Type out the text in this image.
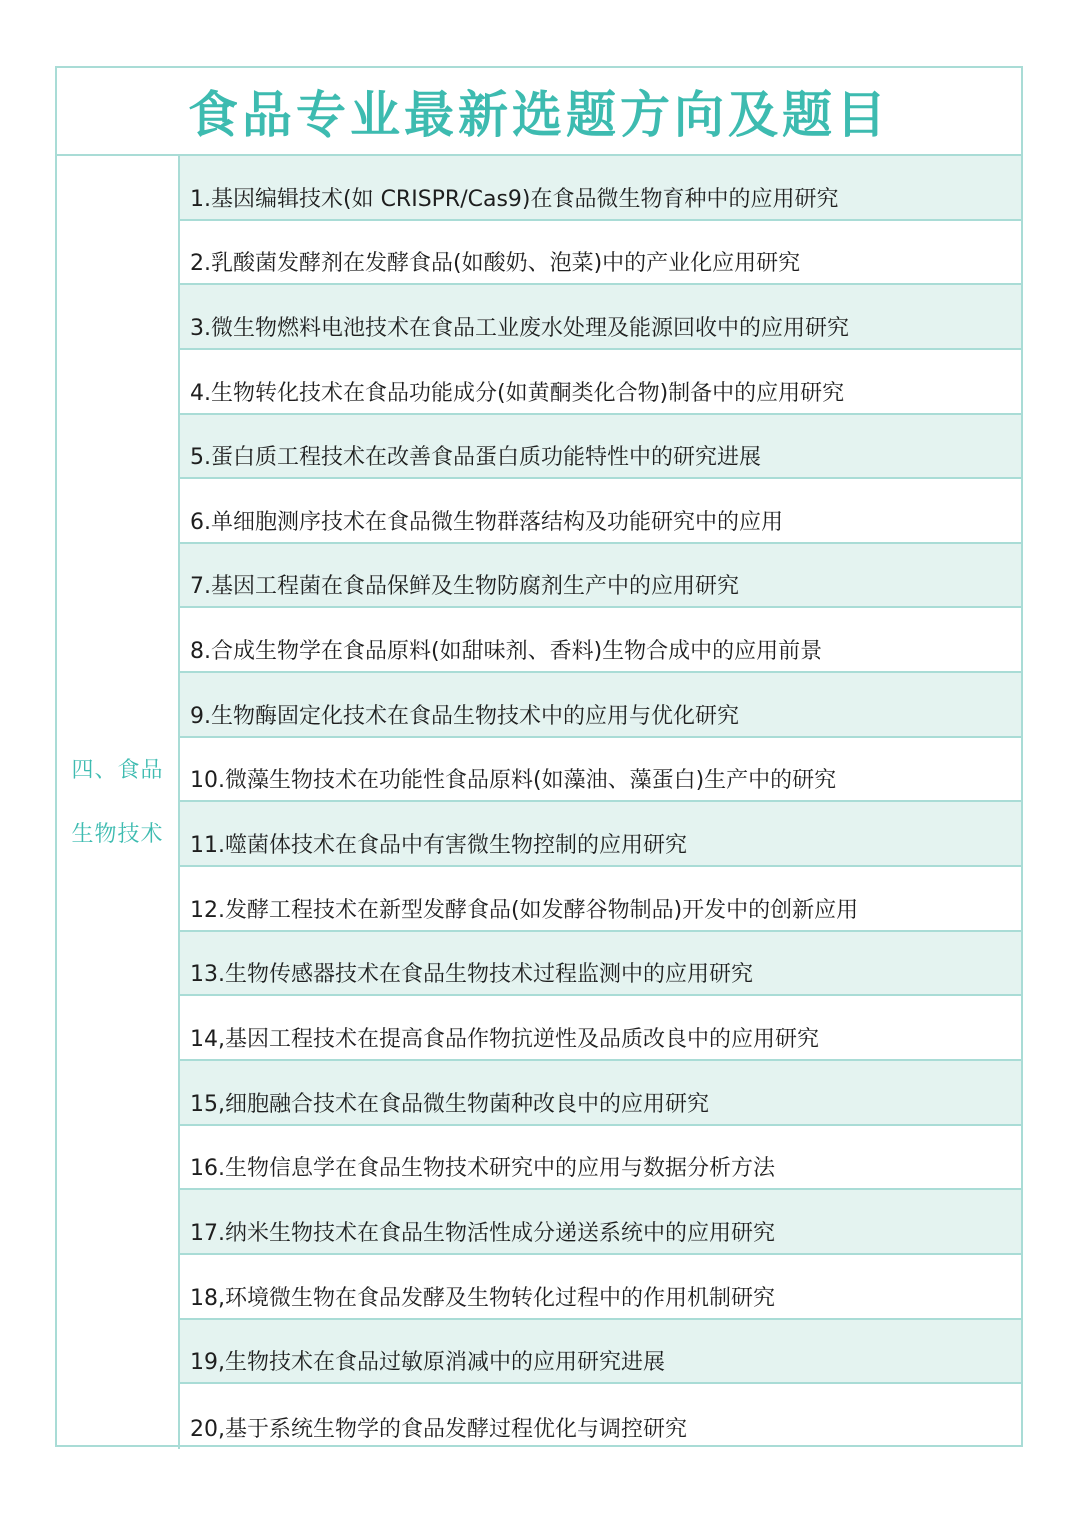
食品专业最新选题方向及题目
四、食品
生物技术
1.基因编辑技术(如 CRISPR/Cas9)在食品微生物育种中的应用研究
2.乳酸菌发酵剂在发酵食品(如酸奶、泡菜)中的产业化应用研究
3.微生物燃料电池技术在食品工业废水处理及能源回收中的应用研究
4.生物转化技术在食品功能成分(如黄酮类化合物)制备中的应用研究
5.蛋白质工程技术在改善食品蛋白质功能特性中的研究进展
6.单细胞测序技术在食品微生物群落结构及功能研究中的应用
7.基因工程菌在食品保鲜及生物防腐剂生产中的应用研究
8.合成生物学在食品原料(如甜味剂、香料)生物合成中的应用前景
9.生物酶固定化技术在食品生物技术中的应用与优化研究
10.微藻生物技术在功能性食品原料(如藻油、藻蛋白)生产中的研究
11.噬菌体技术在食品中有害微生物控制的应用研究
12.发酵工程技术在新型发酵食品(如发酵谷物制品)开发中的创新应用
13.生物传感器技术在食品生物技术过程监测中的应用研究
14,基因工程技术在提高食品作物抗逆性及品质改良中的应用研究
15,细胞融合技术在食品微生物菌种改良中的应用研究
16.生物信息学在食品生物技术研究中的应用与数据分析方法
17.纳米生物技术在食品生物活性成分递送系统中的应用研究
18,环境微生物在食品发酵及生物转化过程中的作用机制研究
19,生物技术在食品过敏原消减中的应用研究进展
20,基于系统生物学的食品发酵过程优化与调控研究
